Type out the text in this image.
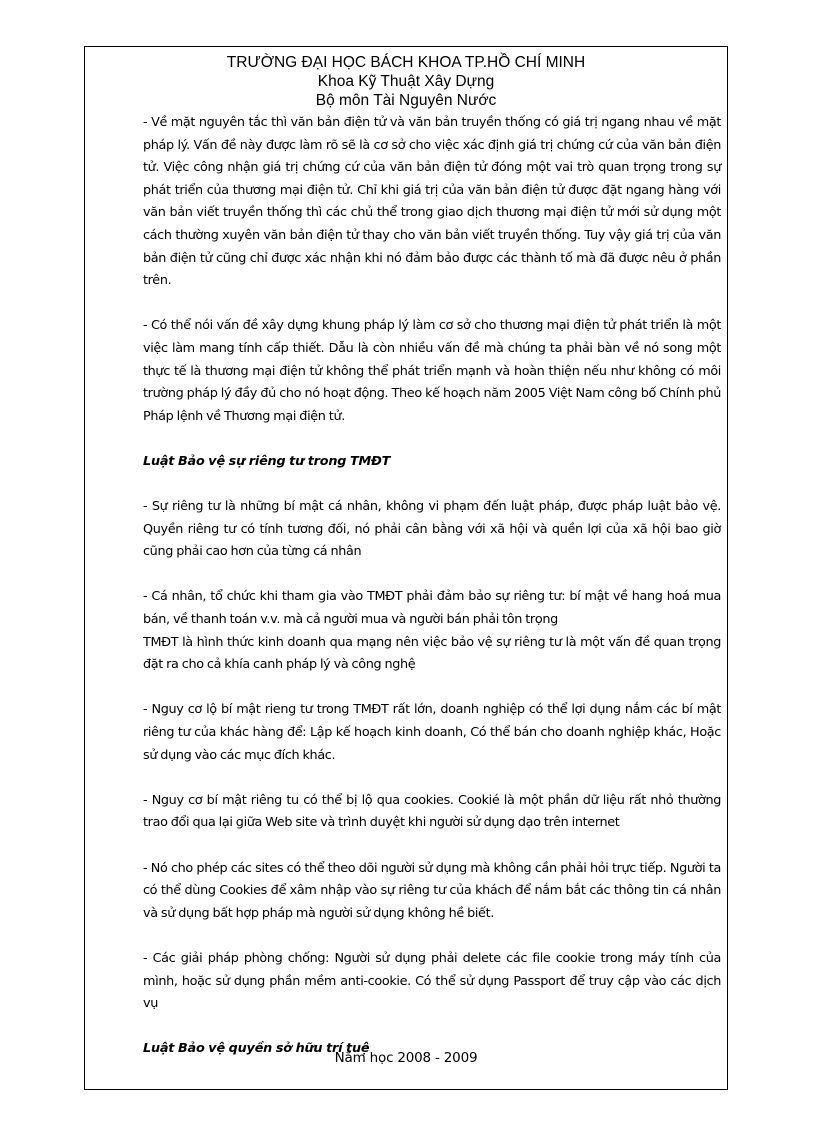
TRƯỜNG ĐẠI HỌC BÁCH KHOA TP.HỒ CHÍ MINH
Khoa Kỹ Thuật Xây Dựng
Bộ môn Tài Nguyên Nước

- Về mặt nguyên tắc thì văn bản điện tử và văn bản truyền thống có giá trị ngang nhau về mặt pháp lý. Vấn đề này được làm rõ sẽ là cơ sở cho việc xác định giá trị chứng cứ của văn bản điện tử. Việc công nhận giá trị chứng cứ của văn bản điện tử đóng một vai trò quan trọng trong sự phát triển của thương mại điện tử. Chỉ khi giá trị của văn bản điện tử được đặt ngang hàng với văn bản viết truyền thống thì các chủ thể trong giao dịch thương mại điện tử mới sử dụng một cách thường xuyên văn bản điện tử thay cho văn bản viết truyền thống. Tuy vậy giá trị của văn bản điện tử cũng chỉ được xác nhận khi nó đảm bảo được các thành tố mà đã được nêu ở phần trên.

- Có thể nói vấn đề xây dựng khung pháp lý làm cơ sở cho thương mại điện tử phát triển là một việc làm mang tính cấp thiết. Dẫu là còn nhiều vấn đề mà chúng ta phải bàn về nó song một thực tế là thương mại điện tử không thể phát triển mạnh và hoàn thiện nếu như không có môi trường pháp lý đầy đủ cho nó hoạt động. Theo kế hoạch năm 2005 Việt Nam công bố Chính phủ Pháp lệnh về Thương mại điện tử.

Luật Bảo vệ sự riêng tư trong TMĐT

- Sự riêng tư là những bí mật cá nhân, không vi phạm đến luật pháp, được pháp luật bảo vệ. Quyền riêng tư có tính tương đối, nó phải cân bằng với xã hội và quền lợi của xã hội bao giờ cũng phải cao hơn của từng cá nhân

- Cá nhân, tổ chức khi tham gia vào TMĐT phải đảm bảo sự riêng tư: bí mật về hang hoá mua bán, về thanh toán v.v. mà cả người mua và người bán phải tôn trọng

TMĐT là hình thức kinh doanh qua mạng nên việc bảo vệ sự riêng tư là một vấn đề quan trọng đặt ra cho cả khía canh pháp lý và công nghệ

- Nguy cơ lộ bí mật rieng tư trong TMĐT rất lớn, doanh nghiệp có thể lợi dụng nắm các bí mật riêng tư của khác hàng để: Lập kế hoạch kinh doanh, Có thể bán cho doanh nghiệp khác, Hoặc sử dụng vào các mục đích khác.

- Nguy cơ bí mật riêng tu có thể bị lộ qua cookies. Cookié là một phần dữ liệu rất nhỏ thường trao đổi qua lại giữa Web site và trình duyệt khi người sử dụng dạo trên internet

- Nó cho phép các sites có thể theo dõi người sử dụng mà không cần phải hỏi trực tiếp. Người ta có thể dùng Cookies để xâm nhập vào sự riêng tư của khách để nắm bắt các thông tin cá nhân và sử dụng bất hợp pháp mà người sử dụng không hề biết.

- Các giải pháp phòng chống: Người sử dụng phải delete các file cookie trong máy tính của mình, hoặc sử dụng phần mềm anti-cookie. Có thể sử dụng Passport để truy cập vào các dịch vụ

Luật Bảo vệ quyền sở hữu trí tuệ

Năm học 2008 - 2009
